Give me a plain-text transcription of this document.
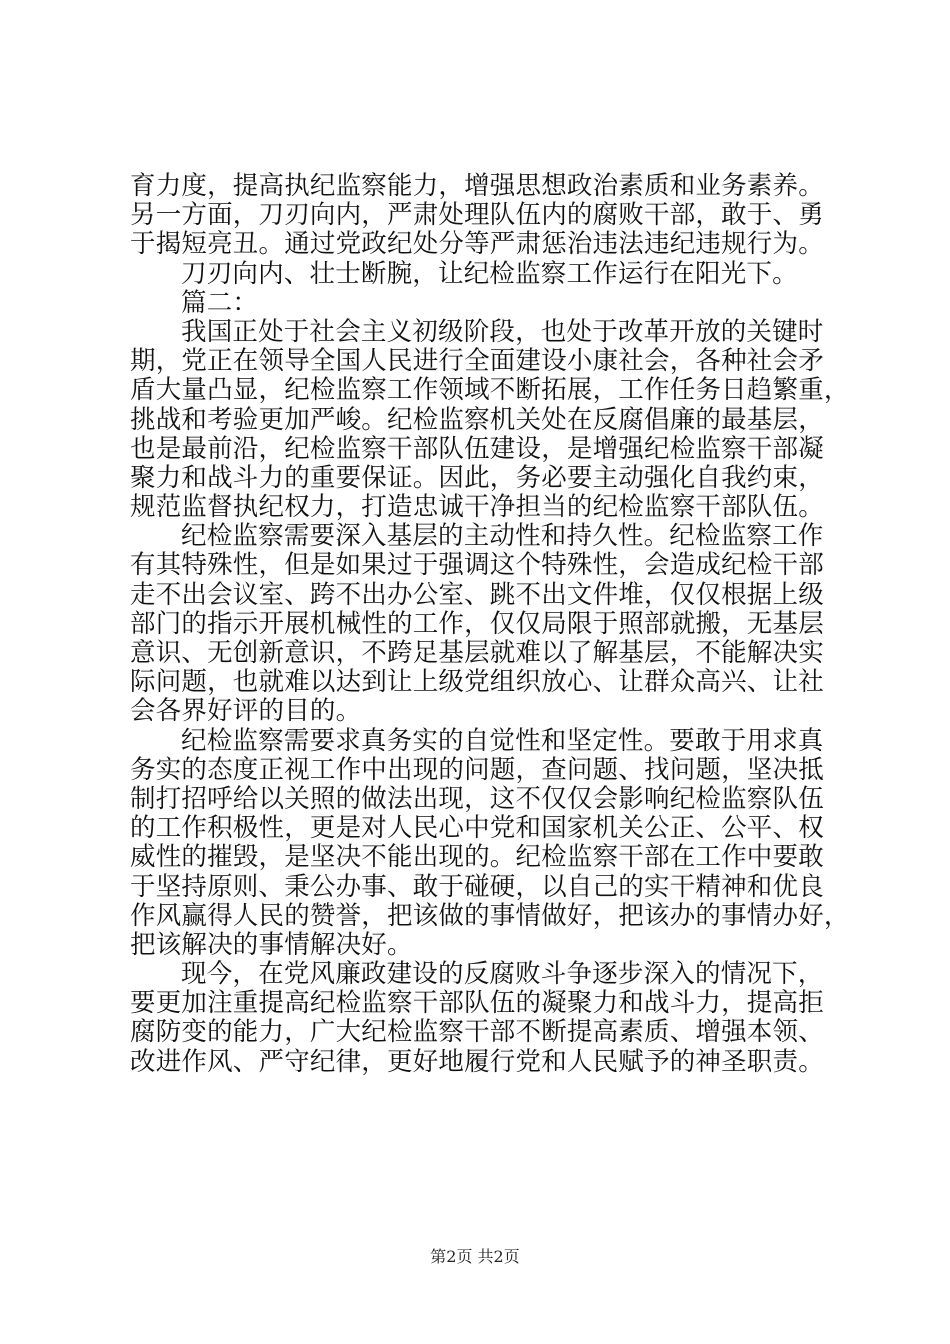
育力度，提高执纪监察能力，增强思想政治素质和业务素养。
另一方面，刀刃向内，严肃处理队伍内的腐败干部，敢于、勇
于揭短亮丑。通过党政纪处分等严肃惩治违法违纪违规行为。
刀刃向内、壮士断腕，让纪检监察工作运行在阳光下。
篇二：
我国正处于社会主义初级阶段，也处于改革开放的关键时
期，党正在领导全国人民进行全面建设小康社会，各种社会矛
盾大量凸显，纪检监察工作领域不断拓展，工作任务日趋繁重，
挑战和考验更加严峻。纪检监察机关处在反腐倡廉的最基层，
也是最前沿，纪检监察干部队伍建设，是增强纪检监察干部凝
聚力和战斗力的重要保证。因此，务必要主动强化自我约束，
规范监督执纪权力，打造忠诚干净担当的纪检监察干部队伍。
纪检监察需要深入基层的主动性和持久性。纪检监察工作
有其特殊性，但是如果过于强调这个特殊性，会造成纪检干部
走不出会议室、跨不出办公室、跳不出文件堆，仅仅根据上级
部门的指示开展机械性的工作，仅仅局限于照部就搬，无基层
意识、无创新意识，不跨足基层就难以了解基层，不能解决实
际问题，也就难以达到让上级党组织放心、让群众高兴、让社
会各界好评的目的。
纪检监察需要求真务实的自觉性和坚定性。要敢于用求真
务实的态度正视工作中出现的问题，查问题、找问题，坚决抵
制打招呼给以关照的做法出现，这不仅仅会影响纪检监察队伍
的工作积极性，更是对人民心中党和国家机关公正、公平、权
威性的摧毁，是坚决不能出现的。纪检监察干部在工作中要敢
于坚持原则、秉公办事、敢于碰硬，以自己的实干精神和优良
作风赢得人民的赞誉，把该做的事情做好，把该办的事情办好，
把该解决的事情解决好。
现今，在党风廉政建设的反腐败斗争逐步深入的情况下，
要更加注重提高纪检监察干部队伍的凝聚力和战斗力，提高拒
腐防变的能力，广大纪检监察干部不断提高素质、增强本领、
改进作风、严守纪律，更好地履行党和人民赋予的神圣职责。
第2页 共2页
